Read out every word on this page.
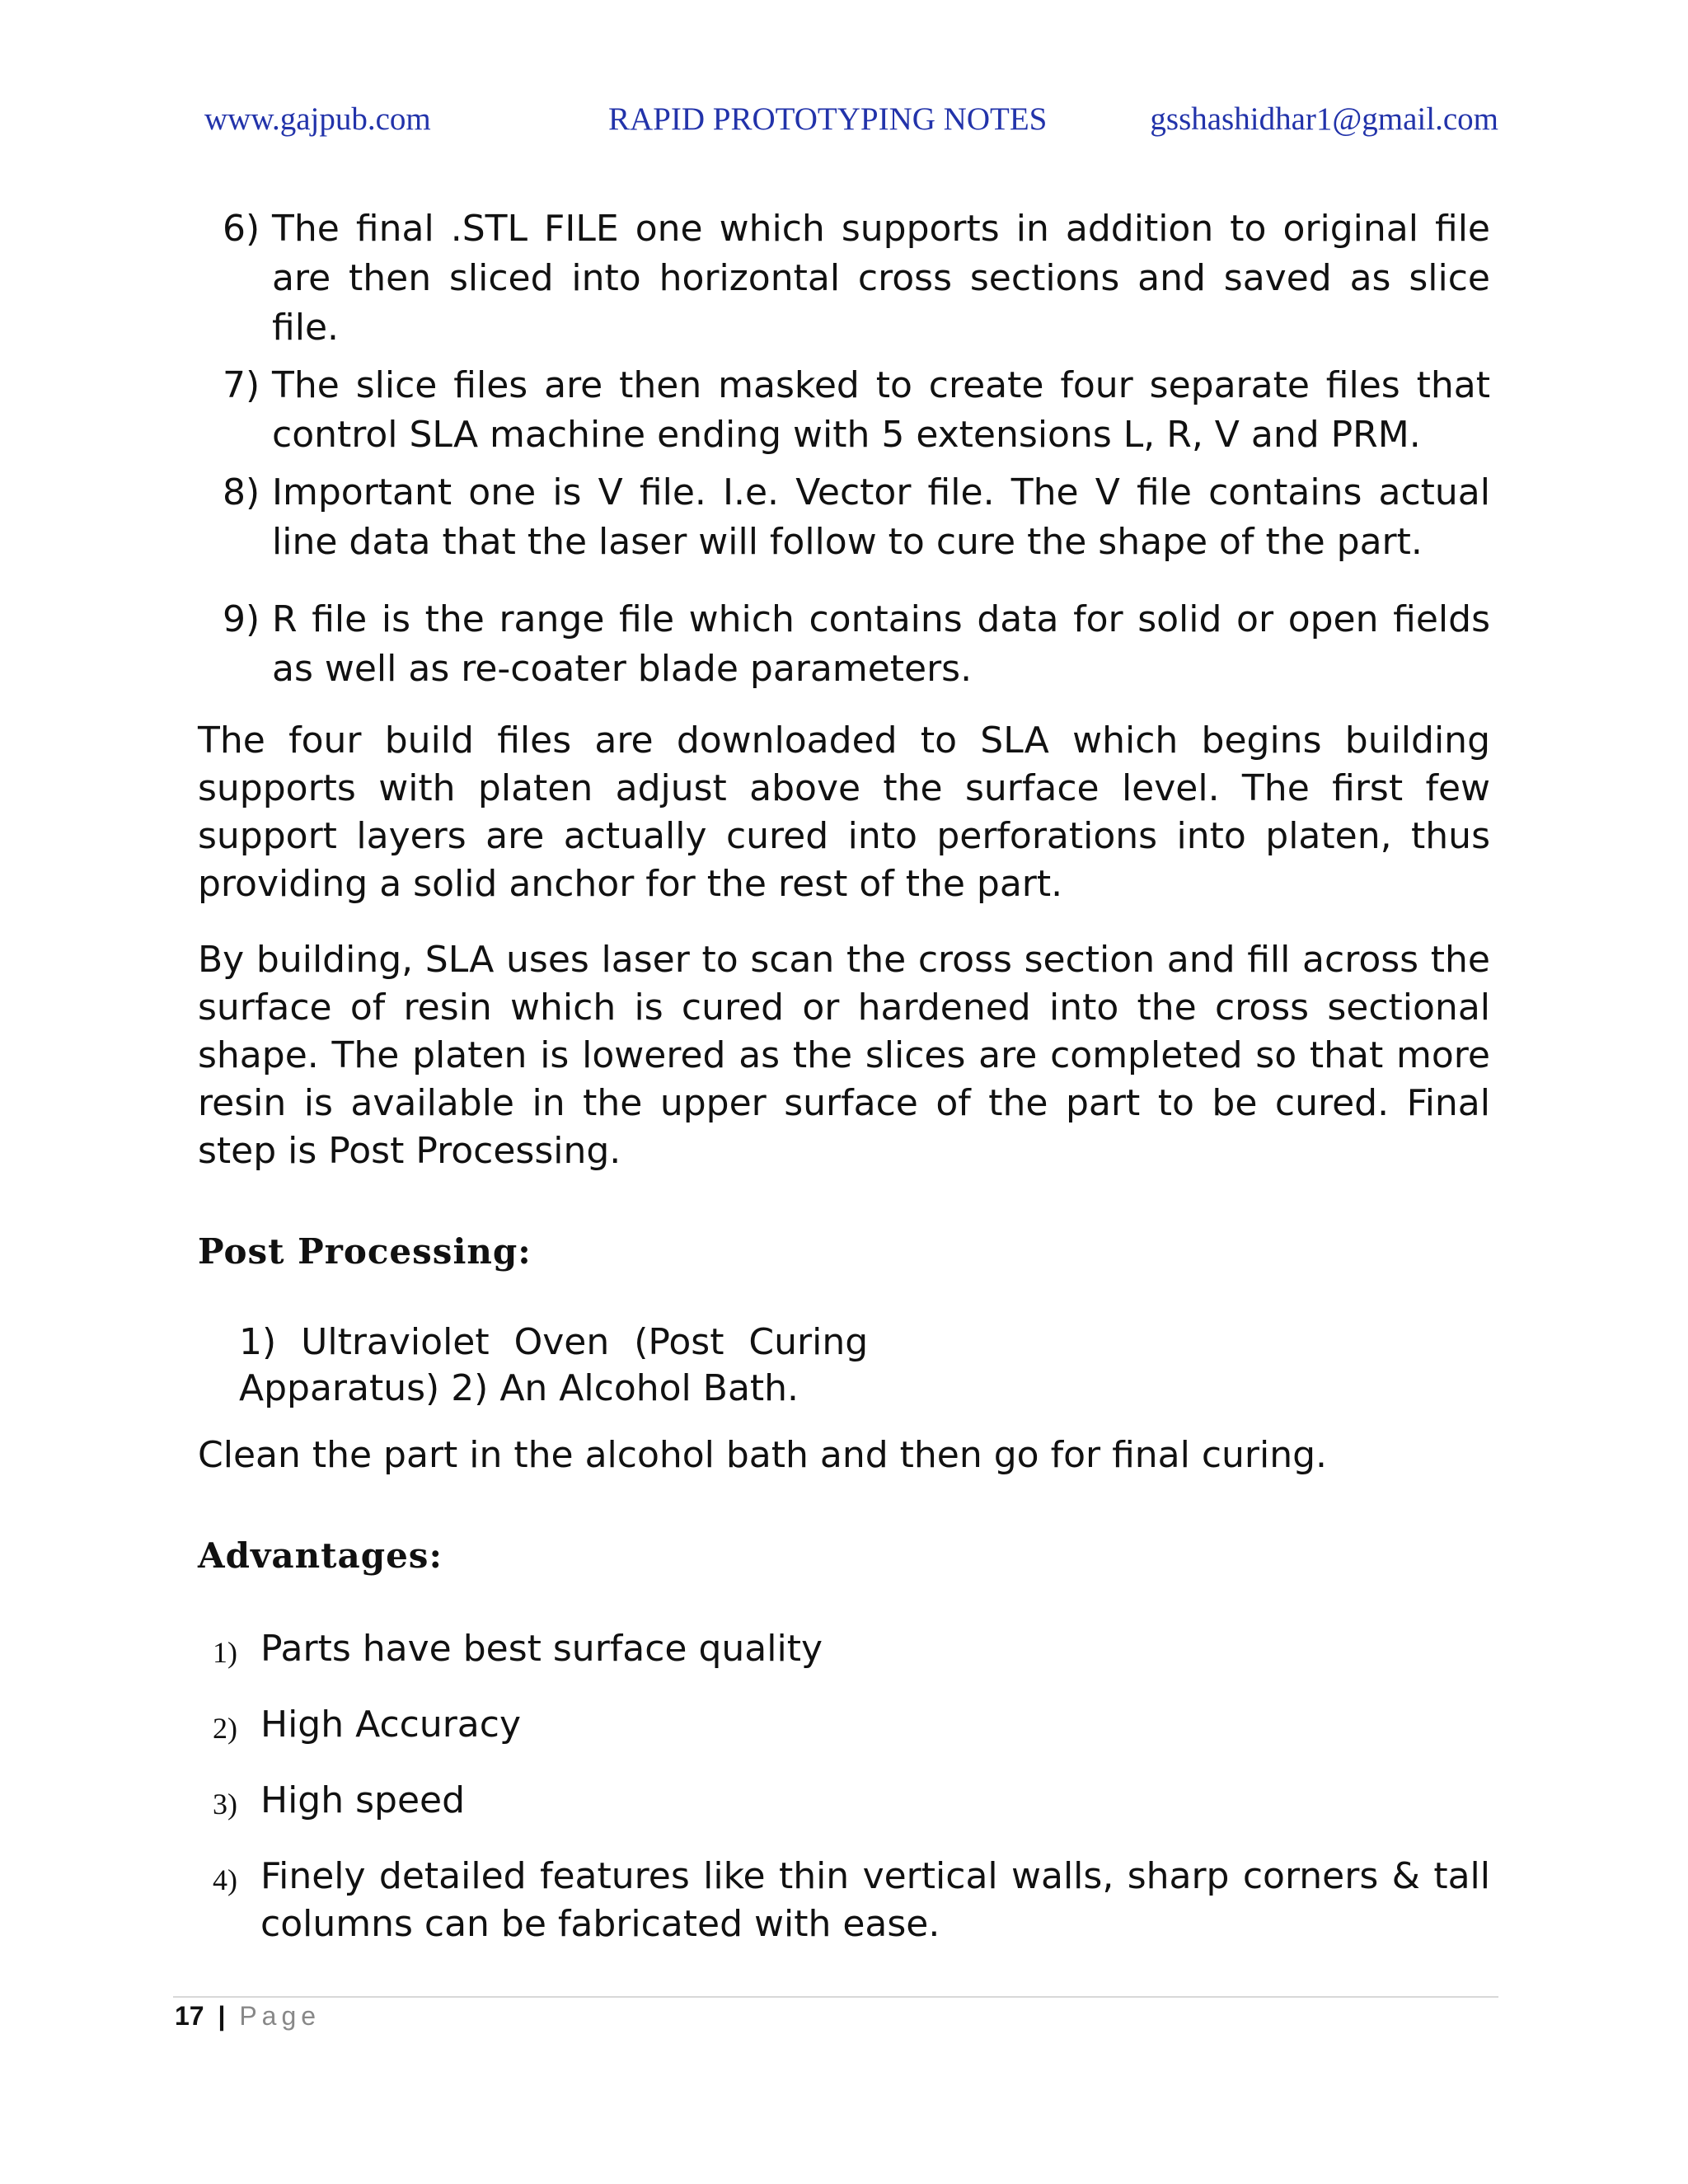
www.gajpub.com	RAPID PROTOTYPING NOTES	gsshashidhar1@gmail.com
6) The final .STL FILE one which supports in addition to original file are then sliced into horizontal cross sections and saved as slice file.
7) The slice files are then masked to create four separate files that control SLA machine ending with 5 extensions L, R, V and PRM.
8) Important one is V file. I.e. Vector file. The V file contains actual line data that the laser will follow to cure the shape of the part.
9) R file is the range file which contains data for solid or open fields as well as re-coater blade parameters.

The four build files are downloaded to SLA which begins building supports with platen adjust above the surface level. The first few support layers are actually cured into perforations into platen, thus providing a solid anchor for the rest of the part.

By building, SLA uses laser to scan the cross section and fill across the surface of resin which is cured or hardened into the cross sectional shape. The platen is lowered as the slices are completed so that more resin is available in the upper surface of the part to be cured. Final step is Post Processing.

Post Processing:
1) Ultraviolet Oven (Post Curing
Apparatus) 2) An Alcohol Bath.

Clean the part in the alcohol bath and then go for final curing.

Advantages:
1) Parts have best surface quality
2) High Accuracy
3) High speed
4) Finely detailed features like thin vertical walls, sharp corners & tall columns can be fabricated with ease.
17 | Page
